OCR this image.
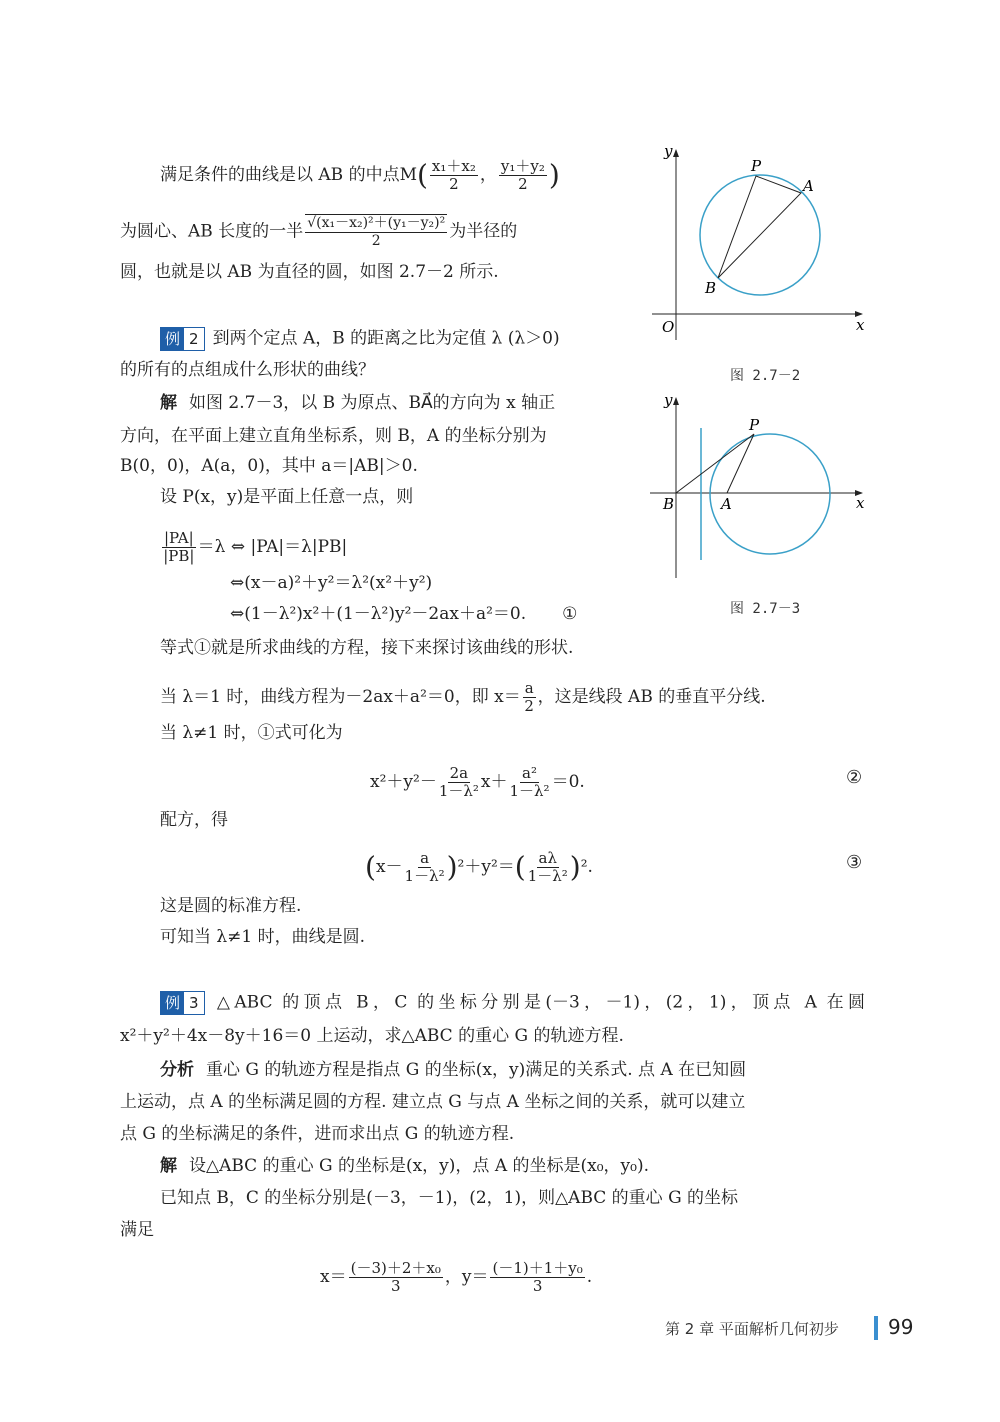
满足条件的曲线是以 AB 的中点$M( \frac{\text{x₁＋x₂}}{2}$ ， $\frac{\text{y₁＋y₂}}{2}$ )
为圆心、AB 长度的一半 $\frac{\text{√(x₁－x₂)²＋(y₁－y₂)²}}{2}$ 为半径的
圆，也就是以 AB 为直径的圆，如图 2.7－2 所示.
例 2 到两个定点 A，B 的距离之比为定值 λ (λ＞0)
的所有的点组成什么形状的曲线？
解 如图 2.7－3，以 B 为原点、BA⃗的方向为 x 轴正
方向，在平面上建立直角坐标系，则 B，A 的坐标分别为
B(0，0)，A(a，0)，其中 a＝|AB|＞0.
设 P(x，y)是平面上任意一点，则
$\frac{|PA|}{|PB|} =\lambda$ ⇔ |PA|＝λ|PB|
⇔(x－a)²＋y²＝λ²(x²＋y²)
⇔(1－λ²)x²＋(1－λ²)y²－2ax＋a²＝0. ①
等式①就是所求曲线的方程，接下来探讨该曲线的形状.
当 λ＝1 时，曲线方程为－2ax＋a²＝0，即 $x= \frac{a}{2}$ ，这是线段 AB 的垂直平分线.
当 λ≠1 时，①式可化为
$x^2+y^2- \frac{2a}{\text{1－λ²}} x+ \frac{\text{a²}}{\text{1－λ²}} =0$.	②
配方，得
$(x- \frac{a}{\text{1－λ²}} )^2+y^2=( \frac{a\lambda}{\text{1－λ²}} )^2$.	③
这是圆的标准方程.
可知当 λ≠1 时，曲线是圆.
例 3 △ABC 的顶点 B，C 的坐标分别是(－3，－1)，(2，1)，顶点 A 在圆
x²＋y²＋4x－8y＋16＝0 上运动，求△ABC 的重心 G 的轨迹方程.
分析 重心 G 的轨迹方程是指点 G 的坐标(x，y)满足的关系式. 点 A 在已知圆
上运动，点 A 的坐标满足圆的方程. 建立点 G 与点 A 坐标之间的关系，就可以建立
点 G 的坐标满足的条件，进而求出点 G 的轨迹方程.
解 设△ABC 的重心 G 的坐标是(x，y)，点 A 的坐标是(x₀，y₀).
已知点 B，C 的坐标分别是(－3，－1)，(2，1)，则△ABC 的重心 G 的坐标
满足
$x= \frac{\text{(－3)＋2＋x₀}}{3}$ ，$y= \frac{\text{(－1)＋1＋y₀}}{3}$ .
y
x
O
P
A
B
y
x
B	A
P
图 2.7－2
图 2.7－3
第 2 章 平面解析几何初步 99
